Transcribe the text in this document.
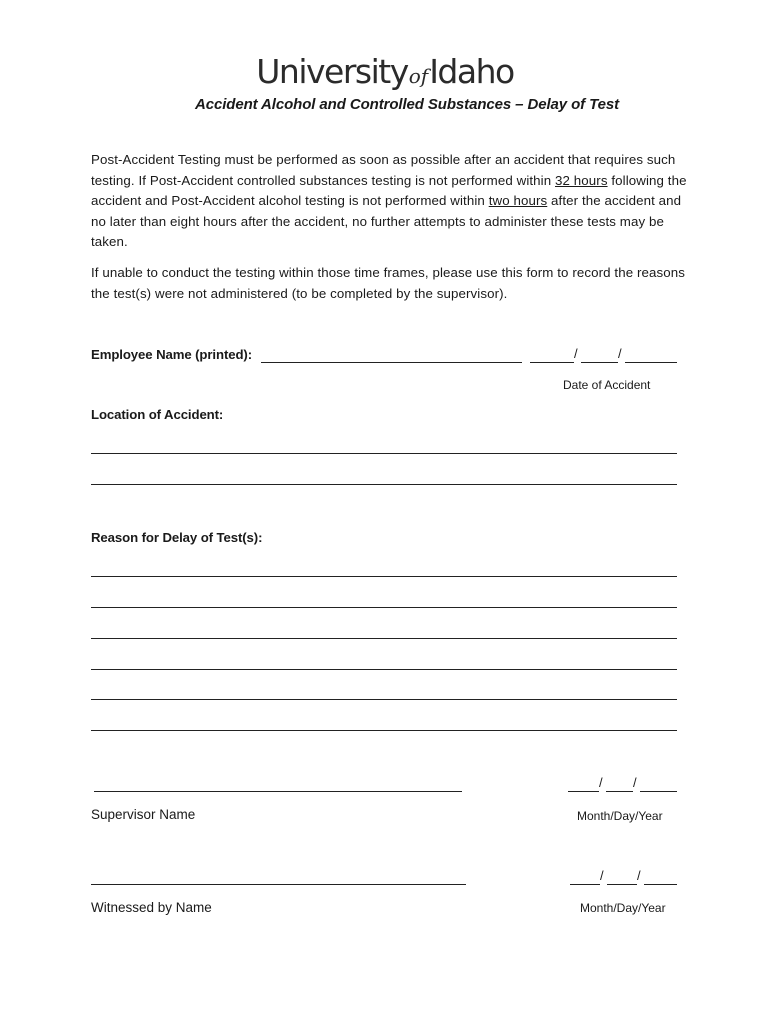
UniversityofIdaho
Accident Alcohol and Controlled Substances – Delay of Test

Post-Accident Testing must be performed as soon as possible after an accident that requires such testing. If Post-Accident controlled substances testing is not performed within 32 hours following the accident and Post-Accident alcohol testing is not performed within two hours after the accident and no later than eight hours after the accident, no further attempts to administer these tests may be taken.

If unable to conduct the testing within those time frames, please use this form to record the reasons the test(s) were not administered (to be completed by the supervisor).
Employee Name (printed):	/	/
Date of Accident
Location of Accident:
Reason for Delay of Test(s):
/ /
Supervisor Name	Month/Day/Year
/	/
Witnessed by Name	Month/Day/Year
